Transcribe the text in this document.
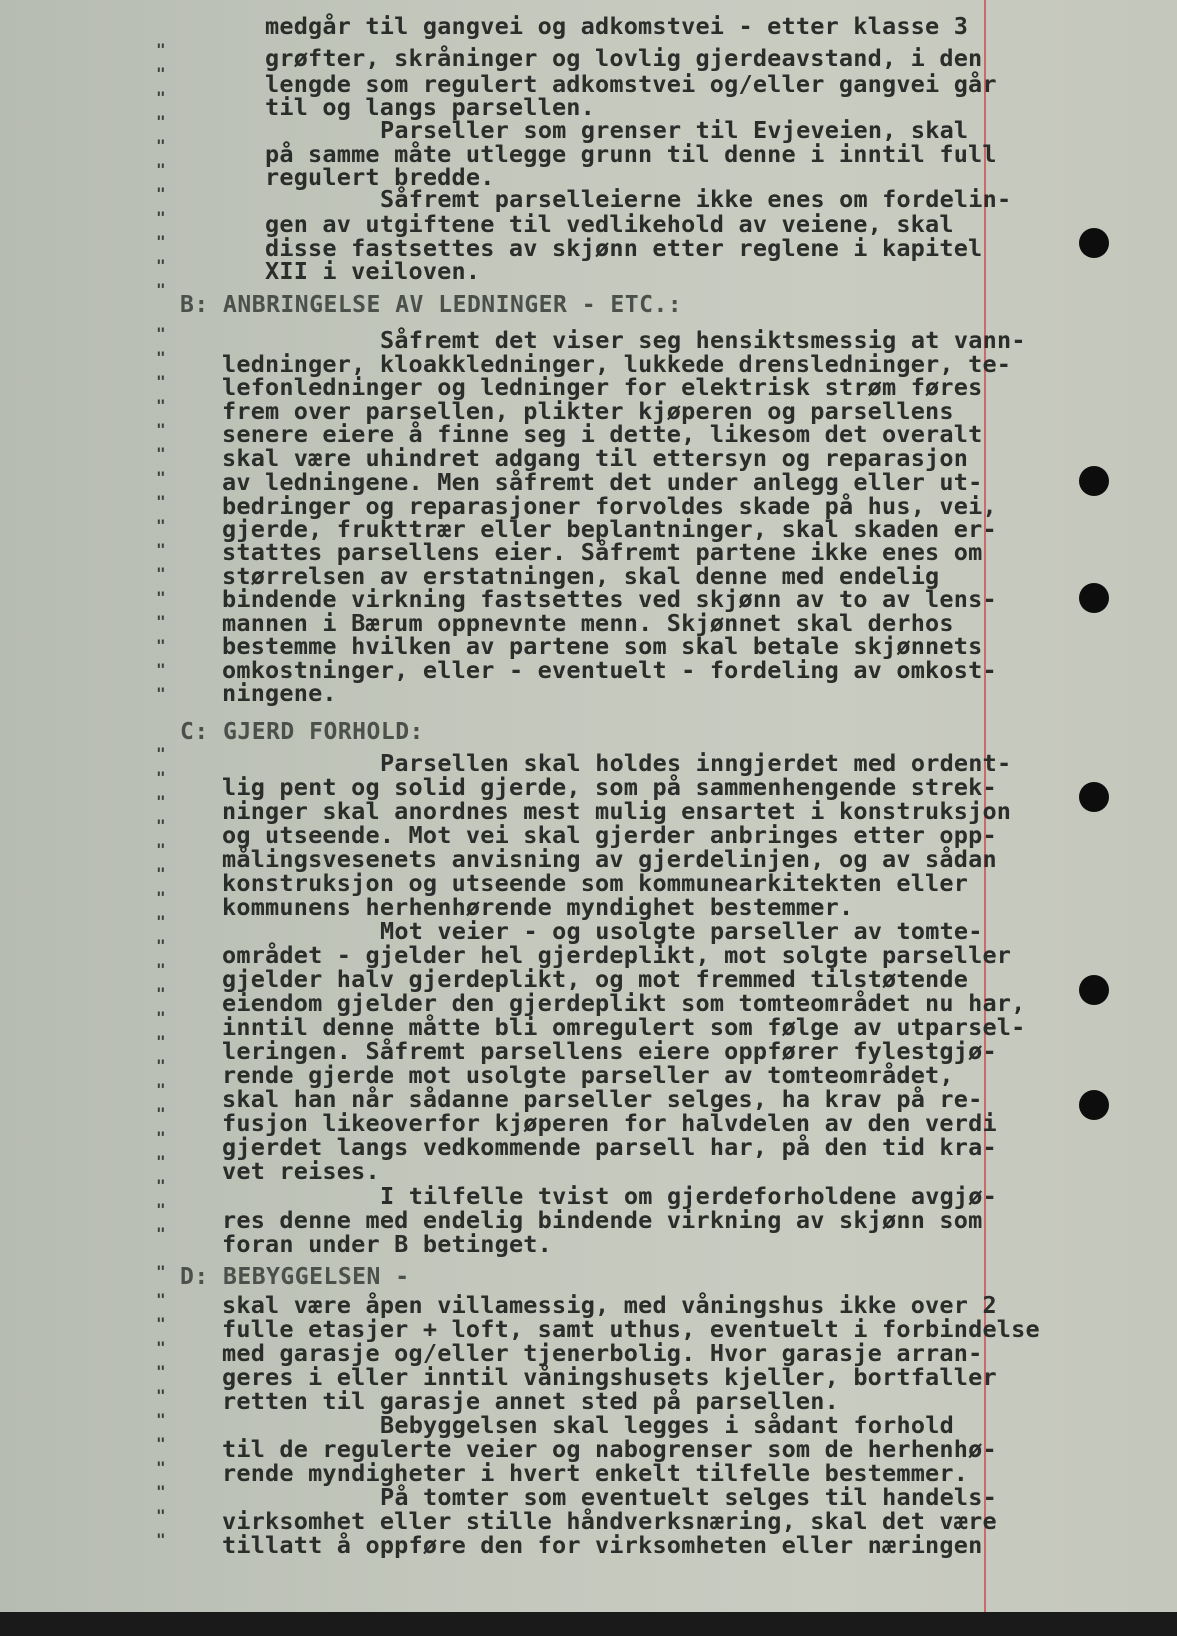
"
"
"
"
"
"
"
"
"
"
"
"
"
"
"
"
"
"
"
"
"
"
"
"
"
"
"
"
"
"
"
"
"
"
"
"
"
"
"
"
"
"
"
"
"
"
"
"
"
"
"
"
"
"
"
"
"
"
"
"
medgår til gangvei og adkomstvei - etter klasse 3
grøfter, skråninger og lovlig gjerdeavstand, i den
lengde som regulert adkomstvei og/eller gangvei går
til og langs parsellen.
Parseller som grenser til Evjeveien, skal
på samme måte utlegge grunn til denne i inntil full
regulert bredde.
Såfremt parselleierne ikke enes om fordelin-
gen av utgiftene til vedlikehold av veiene, skal
disse fastsettes av skjønn etter reglene i kapitel
XII i veiloven.
B: ANBRINGELSE AV LEDNINGER - ETC.:
Såfremt det viser seg hensiktsmessig at vann-
ledninger, kloakkledninger, lukkede drensledninger, te-
lefonledninger og ledninger for elektrisk strøm føres
frem over parsellen, plikter kjøperen og parsellens
senere eiere å finne seg i dette, likesom det overalt
skal være uhindret adgang til ettersyn og reparasjon
av ledningene. Men såfremt det under anlegg eller ut-
bedringer og reparasjoner forvoldes skade på hus, vei,
gjerde, frukttrær eller beplantninger, skal skaden er-
stattes parsellens eier. Såfremt partene ikke enes om
størrelsen av erstatningen, skal denne med endelig
bindende virkning fastsettes ved skjønn av to av lens-
mannen i Bærum oppnevnte menn. Skjønnet skal derhos
bestemme hvilken av partene som skal betale skjønnets
omkostninger, eller - eventuelt - fordeling av omkost-
ningene.
C: GJERD FORHOLD:
Parsellen skal holdes inngjerdet med ordent-
lig pent og solid gjerde, som på sammenhengende strek-
ninger skal anordnes mest mulig ensartet i konstruksjon
og utseende. Mot vei skal gjerder anbringes etter opp-
målingsvesenets anvisning av gjerdelinjen, og av sådan
konstruksjon og utseende som kommunearkitekten eller
kommunens herhenhørende myndighet bestemmer.
Mot veier - og usolgte parseller av tomte-
området - gjelder hel gjerdeplikt, mot solgte parseller
gjelder halv gjerdeplikt, og mot fremmed tilstøtende
eiendom gjelder den gjerdeplikt som tomteområdet nu har,
inntil denne måtte bli omregulert som følge av utparsel-
leringen. Såfremt parsellens eiere oppfører fylestgjø-
rende gjerde mot usolgte parseller av tomteområdet,
skal han når sådanne parseller selges, ha krav på re-
fusjon likeoverfor kjøperen for halvdelen av den verdi
gjerdet langs vedkommende parsell har, på den tid kra-
vet reises.
I tilfelle tvist om gjerdeforholdene avgjø-
res denne med endelig bindende virkning av skjønn som
foran under B betinget.
D: BEBYGGELSEN -
skal være åpen villamessig, med våningshus ikke over 2
fulle etasjer + loft, samt uthus, eventuelt i forbindelse
med garasje og/eller tjenerbolig. Hvor garasje arran-
geres i eller inntil våningshusets kjeller, bortfaller
retten til garasje annet sted på parsellen.
Bebyggelsen skal legges i sådant forhold
til de regulerte veier og nabogrenser som de herhenhø-
rende myndigheter i hvert enkelt tilfelle bestemmer.
På tomter som eventuelt selges til handels-
virksomhet eller stille håndverksnæring, skal det være
tillatt å oppføre den for virksomheten eller næringen
